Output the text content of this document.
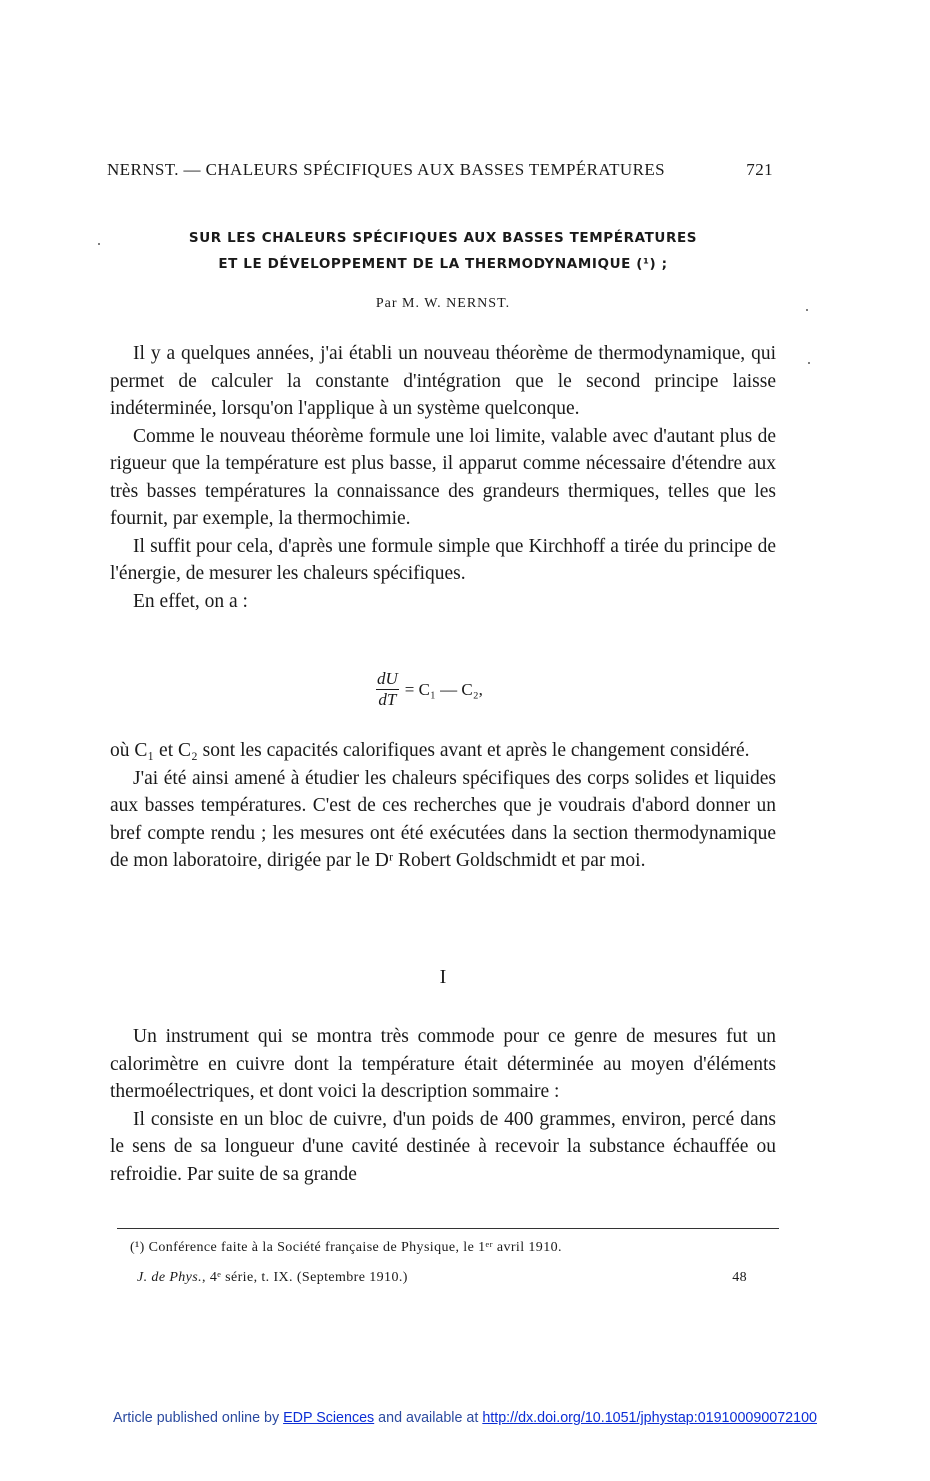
NERNST. — CHALEURS SPÉCIFIQUES AUX BASSES TEMPÉRATURES	721
SUR LES CHALEURS SPÉCIFIQUES AUX BASSES TEMPÉRATURES
ET LE DÉVELOPPEMENT DE LA THERMODYNAMIQUE (¹) ;
Par M. W. NERNST.

Il y a quelques années, j'ai établi un nouveau théorème de thermodynamique, qui permet de calculer la constante d'intégration que le second principe laisse indéterminée, lorsqu'on l'applique à un système quelconque.

Comme le nouveau théorème formule une loi limite, valable avec d'autant plus de rigueur que la température est plus basse, il apparut comme nécessaire d'étendre aux très basses températures la connaissance des grandeurs thermiques, telles que les fournit, par exemple, la thermochimie.

Il suffit pour cela, d'après une formule simple que Kirchhoff a tirée du principe de l'énergie, de mesurer les chaleurs spécifiques.

En effet, on a :

$\frac{dU}{dT} = C_1$ — C₂,

où C₁ et C₂ sont les capacités calorifiques avant et après le changement considéré.

J'ai été ainsi amené à étudier les chaleurs spécifiques des corps solides et liquides aux basses températures. C'est de ces recherches que je voudrais d'abord donner un bref compte rendu ; les mesures ont été exécutées dans la section thermodynamique de mon laboratoire, dirigée par le Dʳ Robert Goldschmidt et par moi.

I

Un instrument qui se montra très commode pour ce genre de mesures fut un calorimètre en cuivre dont la température était déterminée au moyen d'éléments thermoélectriques, et dont voici la description sommaire :

Il consiste en un bloc de cuivre, d'un poids de 400 grammes, environ, percé dans le sens de sa longueur d'une cavité destinée à recevoir la substance échauffée ou refroidie. Par suite de sa grande

(¹) Conférence faite à la Société française de Physique, le 1ᵉʳ avril 1910.
J. de Phys., 4ᵉ série, t. IX. (Septembre 1910.)	48
Article published online by EDP Sciences and available at http://dx.doi.org/10.1051/jphystap:019100090072100
